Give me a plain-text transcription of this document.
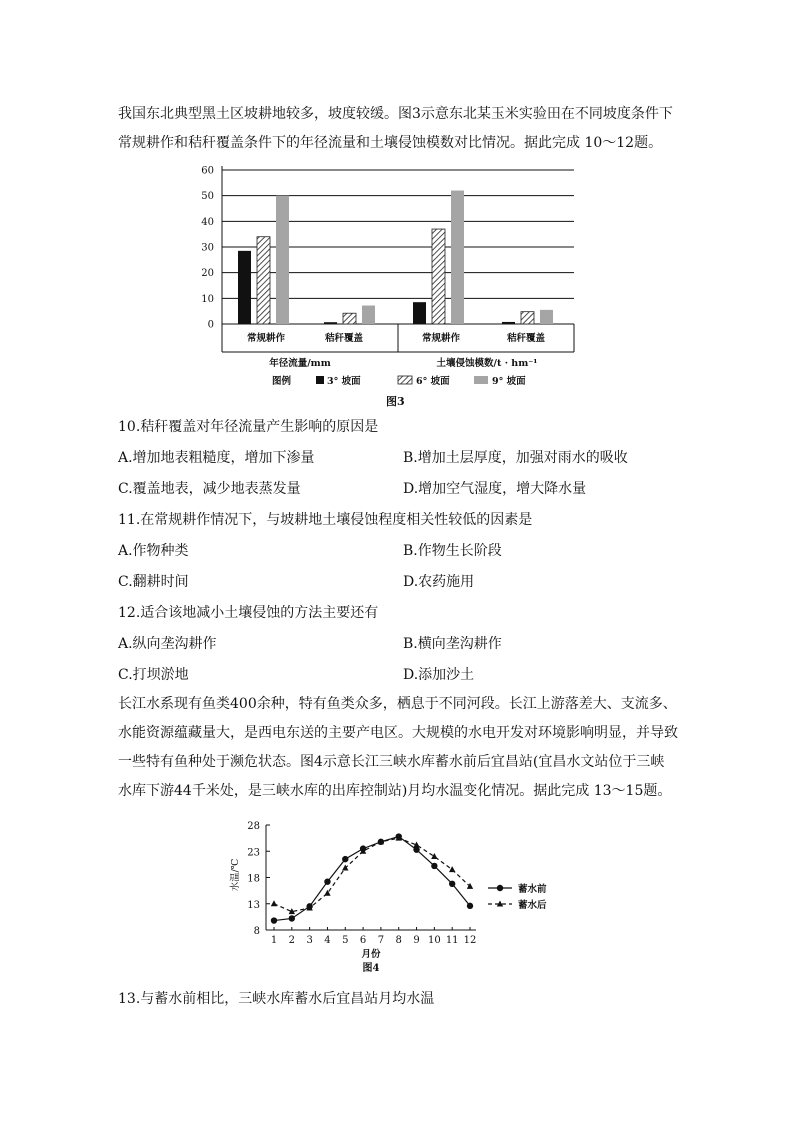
我国东北典型黑土区坡耕地较多，坡度较缓。图3示意东北某玉米实验田在不同坡度条件下常规耕作和秸秆覆盖条件下的年径流量和土壤侵蚀模数对比情况。据此完成 10～12题。

60
50
40
30
20
10
0
常规耕作	秸秆覆盖	常规耕作	秸秆覆盖
年径流量/mm	土壤侵蚀模数/t · hm⁻¹
图例	3° 坡面	6° 坡面	9° 坡面
图3
10.秸秆覆盖对年径流量产生影响的原因是
A.增加地表粗糙度，增加下渗量	B.增加土层厚度，加强对雨水的吸收
C.覆盖地表，减少地表蒸发量	D.增加空气湿度，增大降水量
11.在常规耕作情况下，与坡耕地土壤侵蚀程度相关性较低的因素是
A.作物种类	B.作物生长阶段
C.翻耕时间	D.农药施用
12.适合该地减小土壤侵蚀的方法主要还有
A.纵向垄沟耕作	B.横向垄沟耕作
C.打坝淤地	D.添加沙土

长江水系现有鱼类400余种，特有鱼类众多，栖息于不同河段。长江上游落差大、支流多、水能资源蕴藏量大，是西电东送的主要产电区。大规模的水电开发对环境影响明显，并导致一些特有鱼种处于濒危状态。图4示意长江三峡水库蓄水前后宜昌站(宜昌水文站位于三峡水库下游44千米处，是三峡水库的出库控制站)月均水温变化情况。据此完成 13～15题。

8
13
18
23
28
1 2 3 4 5 6 7 8 9 10 11 12
月份
水温/℃
图4
蓄水前
蓄水后
13.与蓄水前相比，三峡水库蓄水后宜昌站月均水温
